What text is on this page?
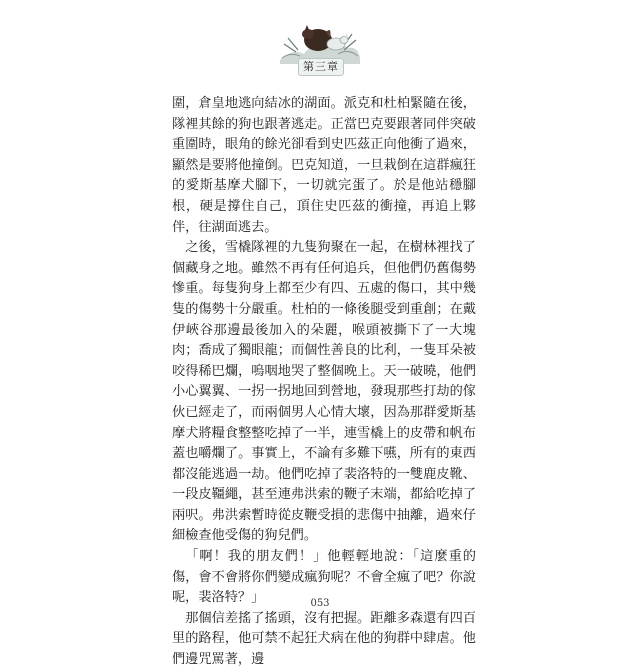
第三章

圍，倉皇地逃向結冰的湖面。派克和杜柏緊隨在後，隊裡其餘的狗也跟著逃走。正當巴克要跟著同伴突破重圍時，眼角的餘光卻看到史匹茲正向他衝了過來，顯然是要將他撞倒。巴克知道，一旦栽倒在這群瘋狂的愛斯基摩犬腳下，一切就完蛋了。於是他站穩腳根，硬是撐住自己，頂住史匹茲的衝撞，再追上夥伴，往湖面逃去。

之後，雪橇隊裡的九隻狗聚在一起，在樹林裡找了個藏身之地。雖然不再有任何追兵，但他們仍舊傷勢慘重。每隻狗身上都至少有四、五處的傷口，其中幾隻的傷勢十分嚴重。杜柏的一條後腿受到重創；在戴伊峽谷那邊最後加入的朵麗，喉頭被撕下了一大塊肉；喬成了獨眼龍；而個性善良的比利，一隻耳朵被咬得稀巴爛，嗚咽地哭了整個晚上。天一破曉，他們小心翼翼、一拐一拐地回到營地，發現那些打劫的傢伙已經走了，而兩個男人心情大壞，因為那群愛斯基摩犬將糧食整整吃掉了一半，連雪橇上的皮帶和帆布蓋也嚼爛了。事實上，不論有多難下嚥，所有的東西都沒能逃過一劫。他們吃掉了裴洛特的一雙鹿皮靴、一段皮韁繩，甚至連弗洪索的鞭子末端，都給吃掉了兩呎。弗洪索暫時從皮鞭受損的悲傷中抽離，過來仔細檢查他受傷的狗兒們。

「啊！我的朋友們！」他輕輕地說：「這麼重的傷，會不會將你們變成瘋狗呢？不會全瘋了吧？你說呢，裴洛特？」

那個信差搖了搖頭，沒有把握。距離多森還有四百里的路程，他可禁不起狂犬病在他的狗群中肆虐。他們邊咒罵著，邊

053
